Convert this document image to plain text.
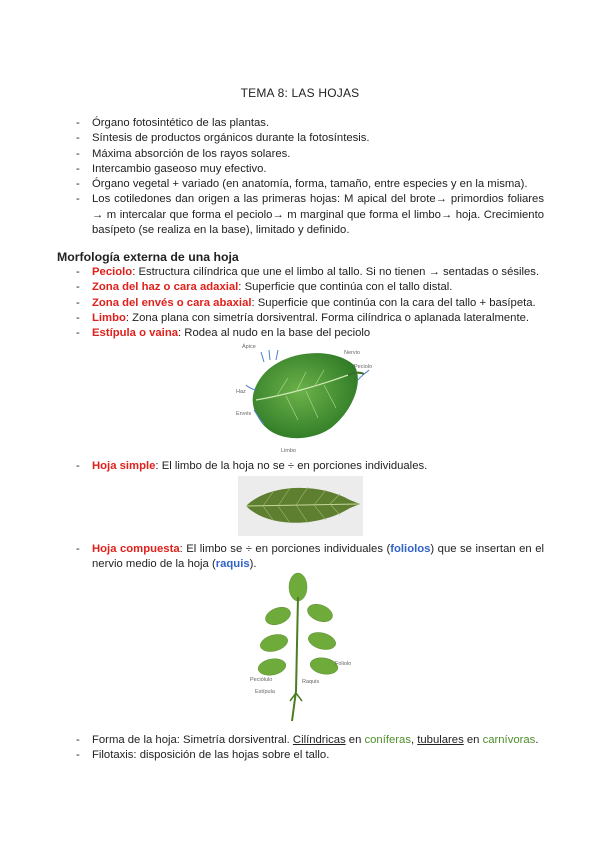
TEMA 8: LAS HOJAS
- Órgano fotosintético de las plantas.
- Síntesis de productos orgánicos durante la fotosíntesis.
- Máxima absorción de los rayos solares.
- Intercambio gaseoso muy efectivo.
- Órgano vegetal + variado (en anatomía, forma, tamaño, entre especies y en la misma).
- Los cotiledones dan origen a las primeras hojas: M apical del brote→ primordios foliares → m intercalar que forma el peciolo→ m marginal que forma el limbo→ hoja. Crecimiento basípeto (se realiza en la base), limitado y definido.
Morfología externa de una hoja
- Peciolo: Estructura cilíndrica que une el limbo al tallo. Si no tienen → sentadas o sésiles.
- Zona del haz o cara adaxial: Superficie que continúa con el tallo distal.
- Zona del envés o cara abaxial: Superficie que continúa con la cara del tallo + basípeta.
- Limbo: Zona plana con simetría dorsiventral. Forma cilíndrica o aplanada lateralmente.
- Estípula o vaina: Rodea al nudo en la base del peciolo
Ápice
Nervio
Peciolo
Haz
Envés
Limbo
- Hoja simple: El limbo de la hoja no se ÷ en porciones individuales.
- Hoja compuesta: El limbo se ÷ en porciones individuales (foliolos) que se insertan en el nervio medio de la hoja (raquis).
Foliolo
Raquis
Estípula
Peciólulo
- Forma de la hoja: Simetría dorsiventral. Cilíndricas en coníferas, tubulares en carnívoras.
- Filotaxis: disposición de las hojas sobre el tallo.
